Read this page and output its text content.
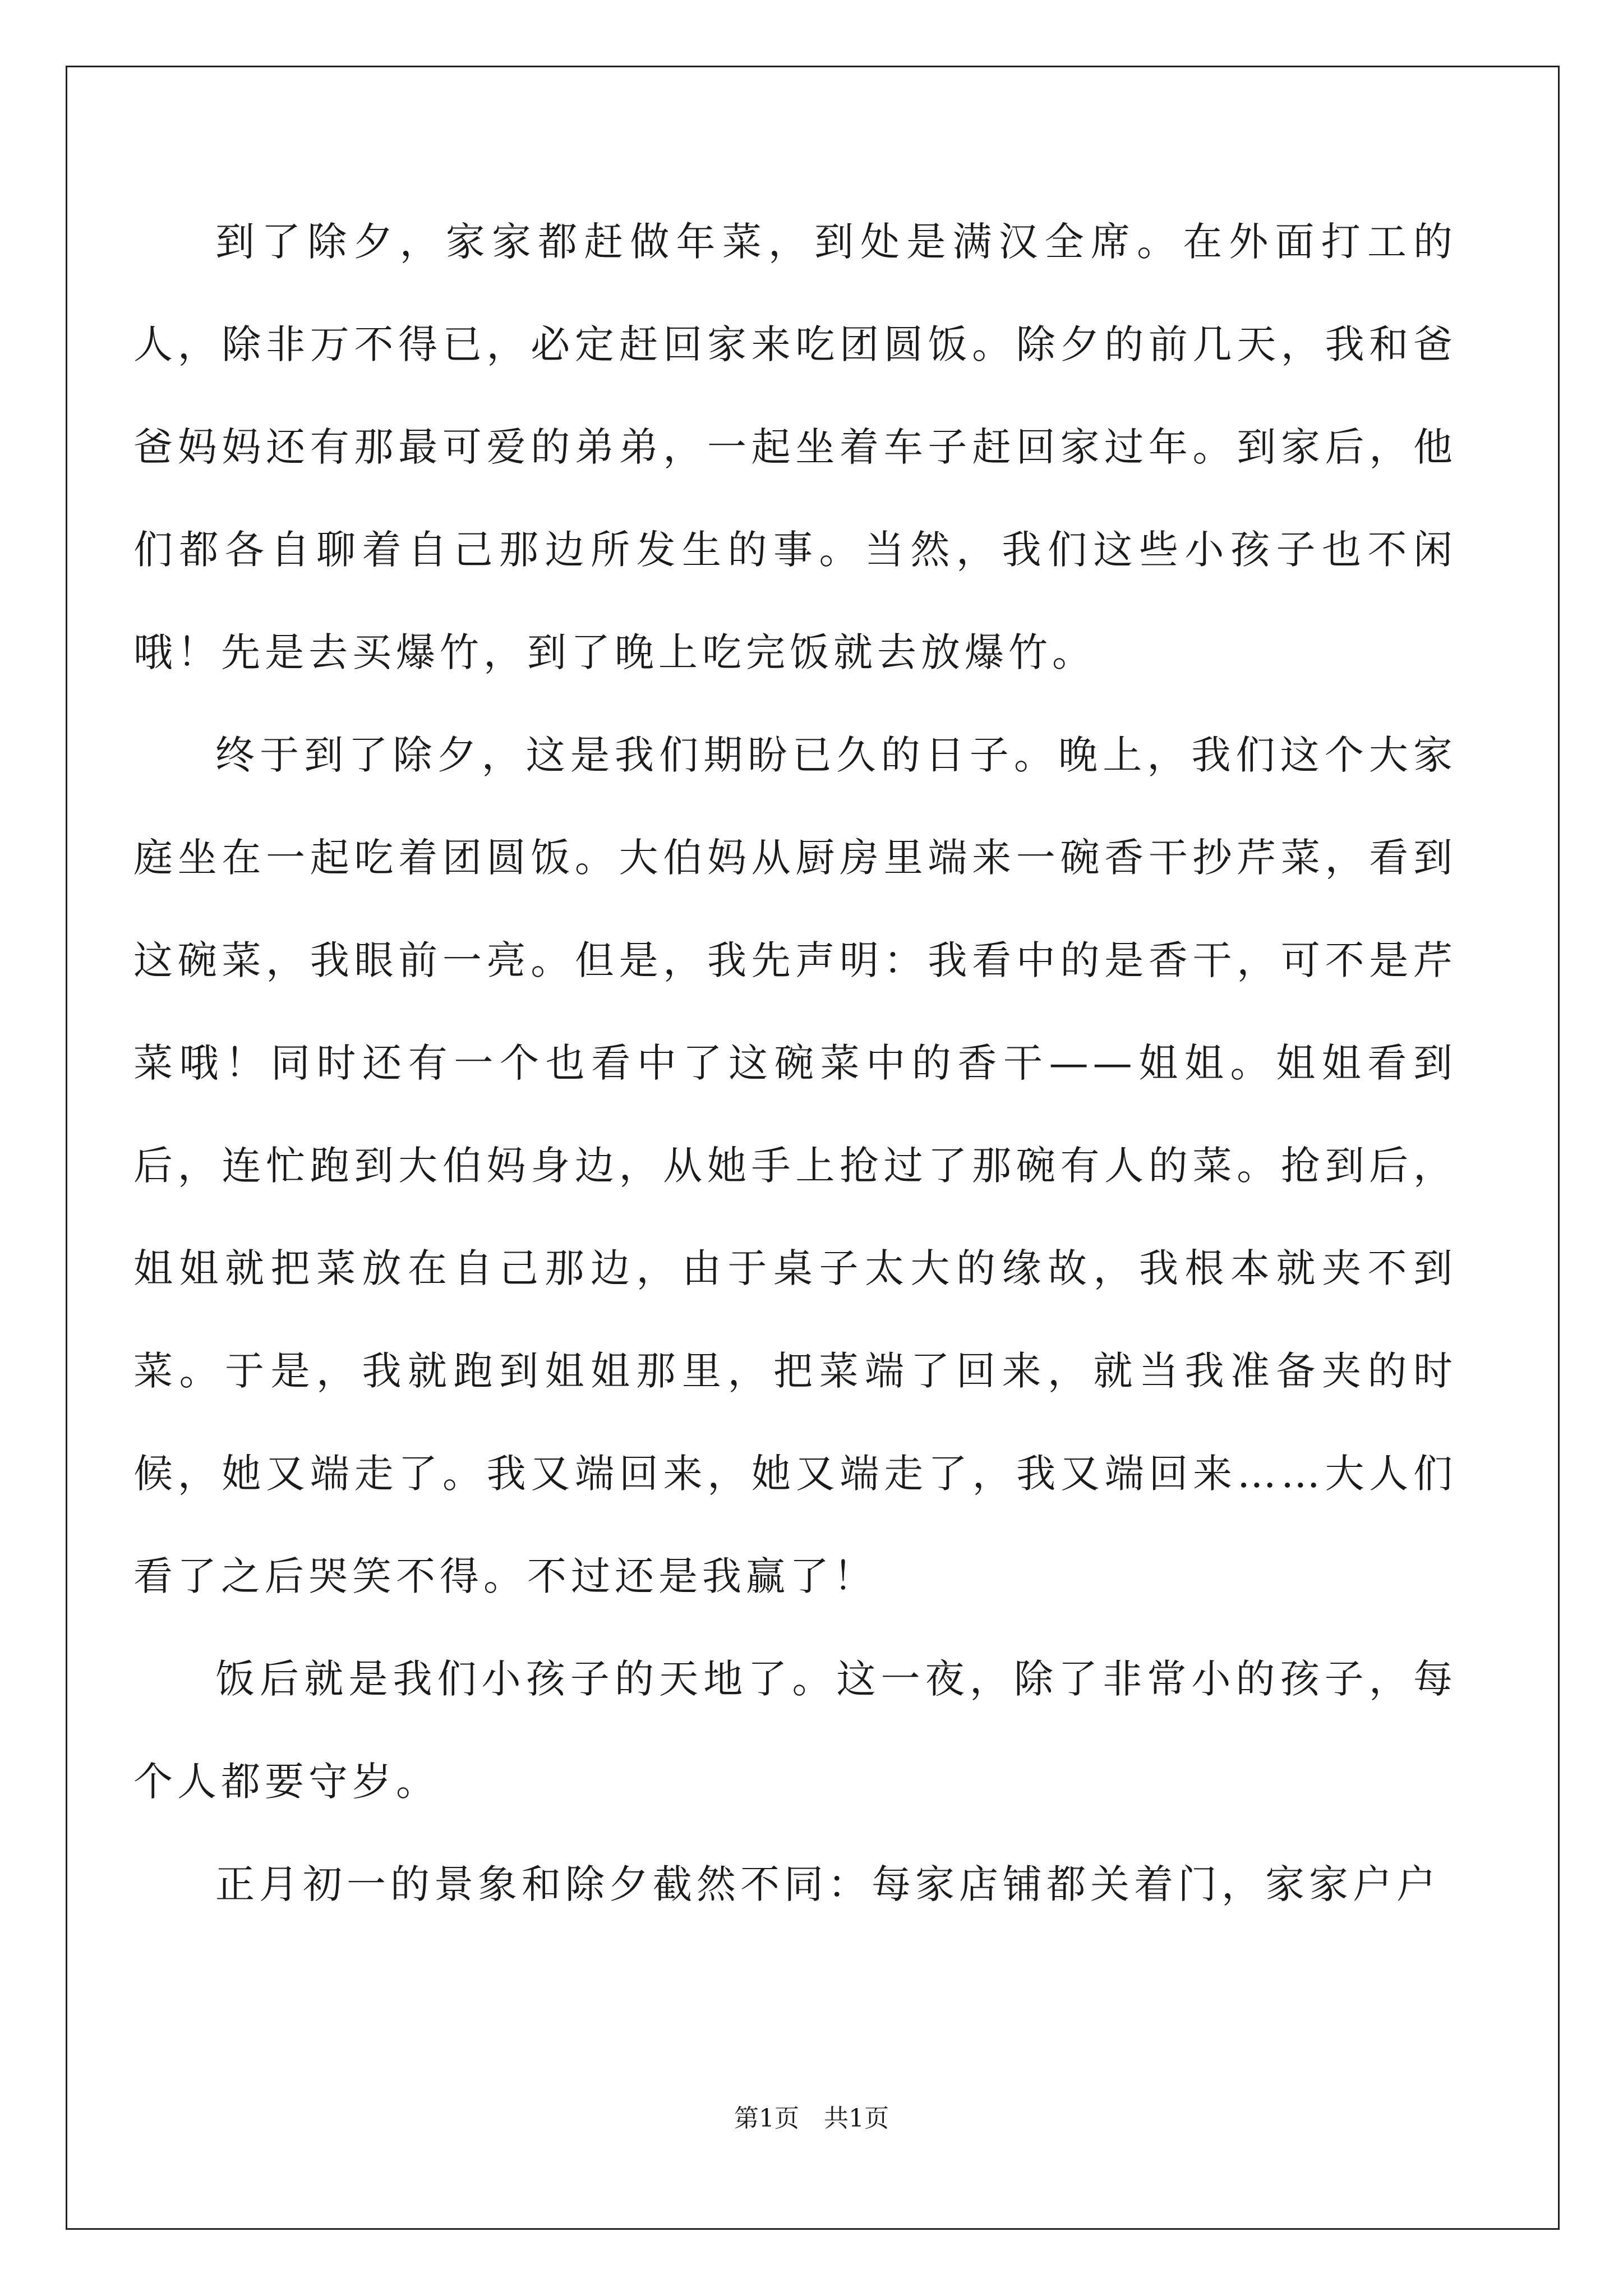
到了除夕，家家都赶做年菜，到处是满汉全席。在外面打工的人，除非万不得已，必定赶回家来吃团圆饭。除夕的前几天，我和爸爸妈妈还有那最可爱的弟弟，一起坐着车子赶回家过年。到家后，他们都各自聊着自己那边所发生的事。当然，我们这些小孩子也不闲哦！先是去买爆竹，到了晚上吃完饭就去放爆竹。

终于到了除夕，这是我们期盼已久的日子。晚上，我们这个大家庭坐在一起吃着团圆饭。大伯妈从厨房里端来一碗香干抄芹菜，看到这碗菜，我眼前一亮。但是，我先声明：我看中的是香干，可不是芹菜哦！同时还有一个也看中了这碗菜中的香干——姐姐。姐姐看到后，连忙跑到大伯妈身边，从她手上抢过了那碗有人的菜。抢到后，姐姐就把菜放在自己那边，由于桌子太大的缘故，我根本就夹不到菜。于是，我就跑到姐姐那里，把菜端了回来，就当我准备夹的时候，她又端走了。我又端回来，她又端走了，我又端回来……大人们看了之后哭笑不得。不过还是我赢了！

饭后就是我们小孩子的天地了。这一夜，除了非常小的孩子，每个人都要守岁。

正月初一的景象和除夕截然不同：每家店铺都关着门，家家户户

第1页 共1页
